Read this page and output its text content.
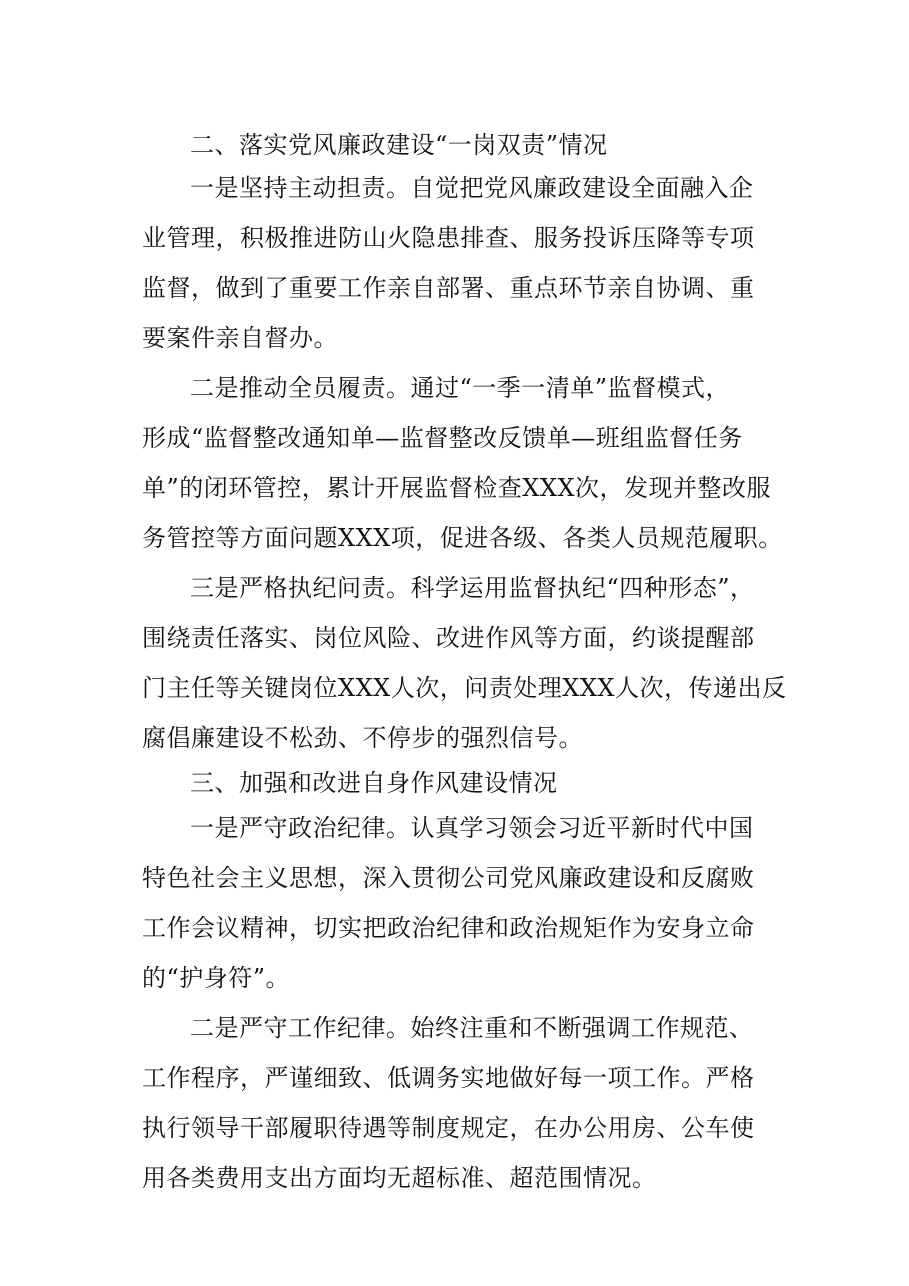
二、落实党风廉政建设“一岗双责”情况
一是坚持主动担责。自觉把党风廉政建设全面融入企
业管理，积极推进防山火隐患排查、服务投诉压降等专项
监督，做到了重要工作亲自部署、重点环节亲自协调、重
要案件亲自督办。
二是推动全员履责。通过“一季一清单”监督模式，
形成“监督整改通知单—监督整改反馈单—班组监督任务
单”的闭环管控，累计开展监督检查XXX次，发现并整改服
务管控等方面问题XXX项，促进各级、各类人员规范履职。
三是严格执纪问责。科学运用监督执纪“四种形态”，
围绕责任落实、岗位风险、改进作风等方面，约谈提醒部
门主任等关键岗位XXX人次，问责处理XXX人次，传递出反
腐倡廉建设不松劲、不停步的强烈信号。
三、加强和改进自身作风建设情况
一是严守政治纪律。认真学习领会习近平新时代中国
特色社会主义思想，深入贯彻公司党风廉政建设和反腐败
工作会议精神，切实把政治纪律和政治规矩作为安身立命
的“护身符”。
二是严守工作纪律。始终注重和不断强调工作规范、
工作程序，严谨细致、低调务实地做好每一项工作。严格
执行领导干部履职待遇等制度规定，在办公用房、公车使
用各类费用支出方面均无超标准、超范围情况。
